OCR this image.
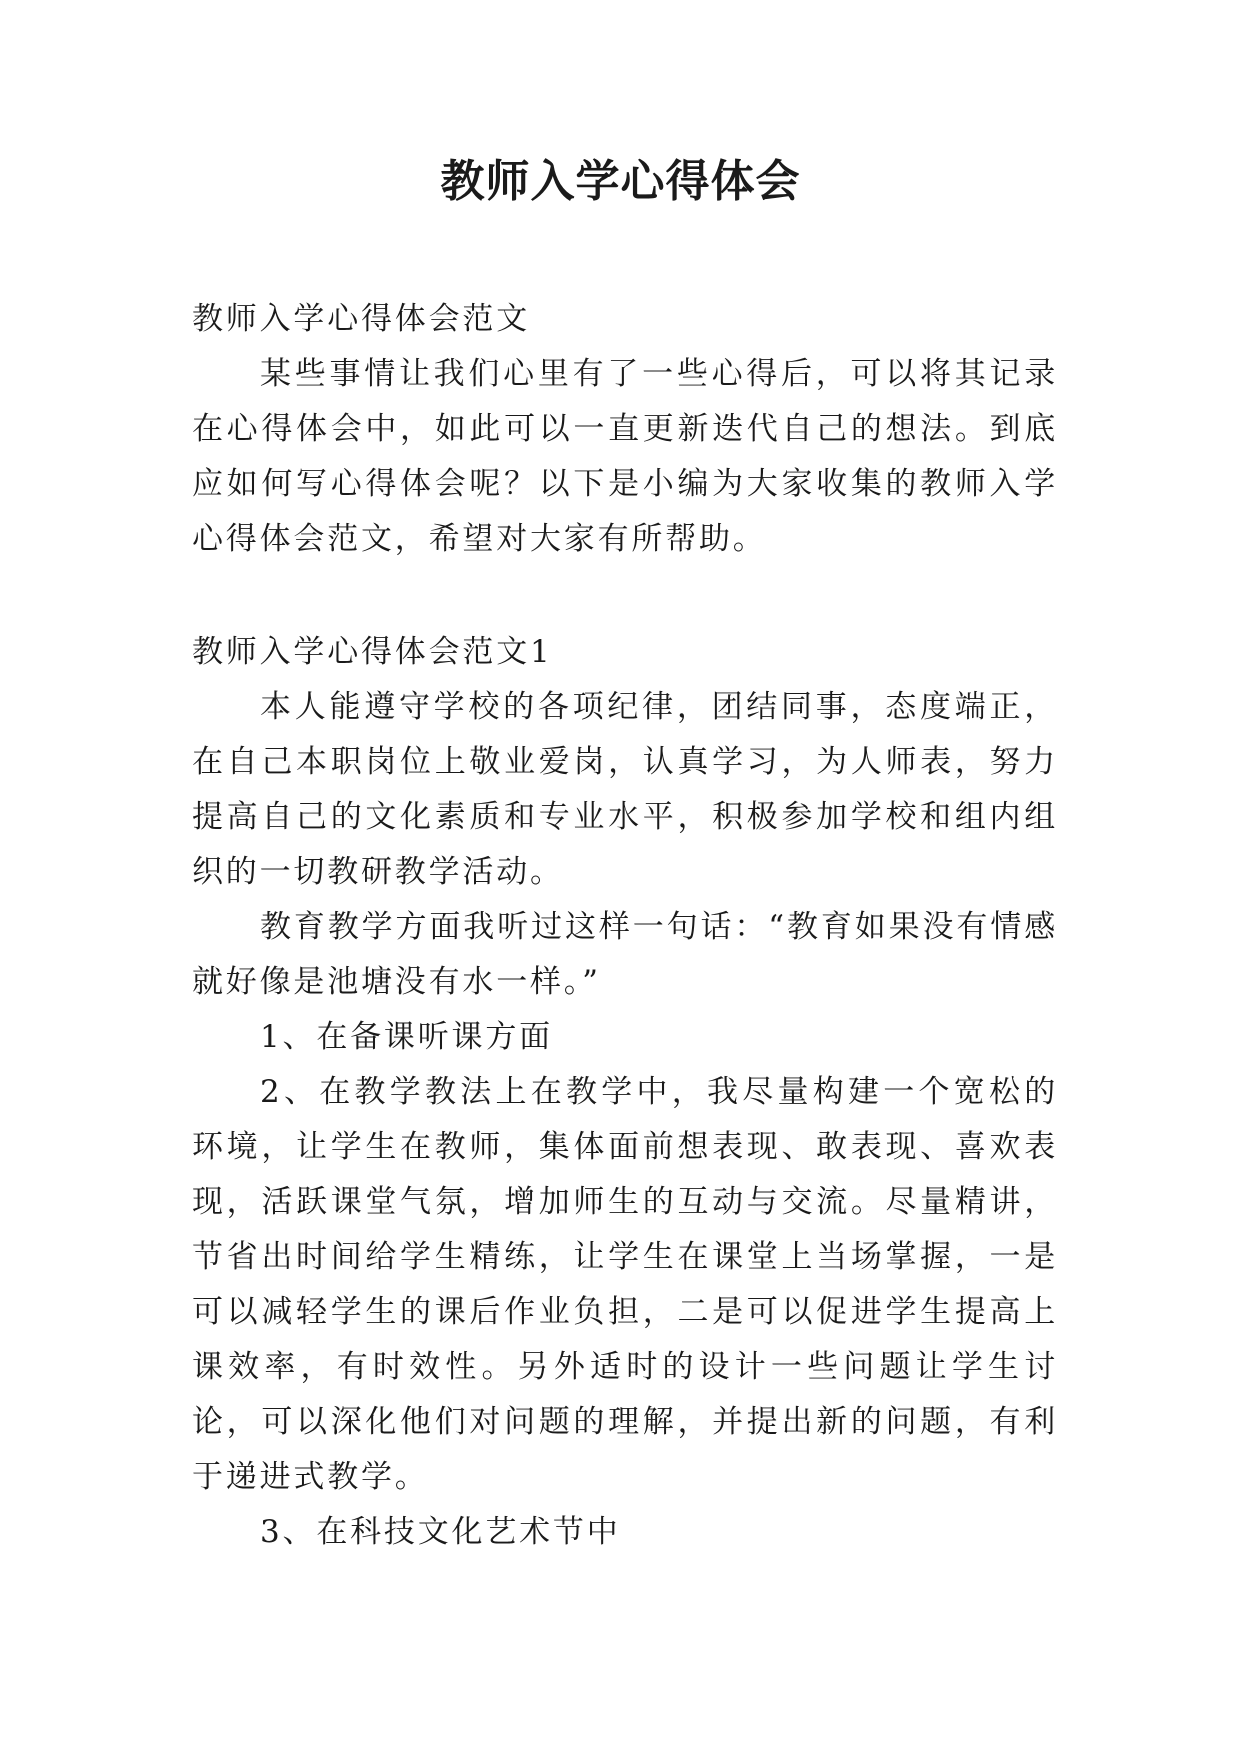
教师入学心得体会

教师入学心得体会范文

某些事情让我们心里有了一些心得后，可以将其记录在心得体会中，如此可以一直更新迭代自己的想法。到底应如何写心得体会呢？以下是小编为大家收集的教师入学心得体会范文，希望对大家有所帮助。

教师入学心得体会范文1

本人能遵守学校的各项纪律，团结同事，态度端正，在自己本职岗位上敬业爱岗，认真学习，为人师表，努力提高自己的文化素质和专业水平，积极参加学校和组内组织的一切教研教学活动。

教育教学方面我听过这样一句话：“教育如果没有情感就好像是池塘没有水一样。”

1、在备课听课方面

2、在教学教法上在教学中，我尽量构建一个宽松的环境，让学生在教师，集体面前想表现、敢表现、喜欢表现，活跃课堂气氛，增加师生的互动与交流。尽量精讲，节省出时间给学生精练，让学生在课堂上当场掌握，一是可以减轻学生的课后作业负担，二是可以促进学生提高上课效率，有时效性。另外适时的设计一些问题让学生讨论，可以深化他们对问题的理解，并提出新的问题，有利于递进式教学。

3、在科技文化艺术节中
